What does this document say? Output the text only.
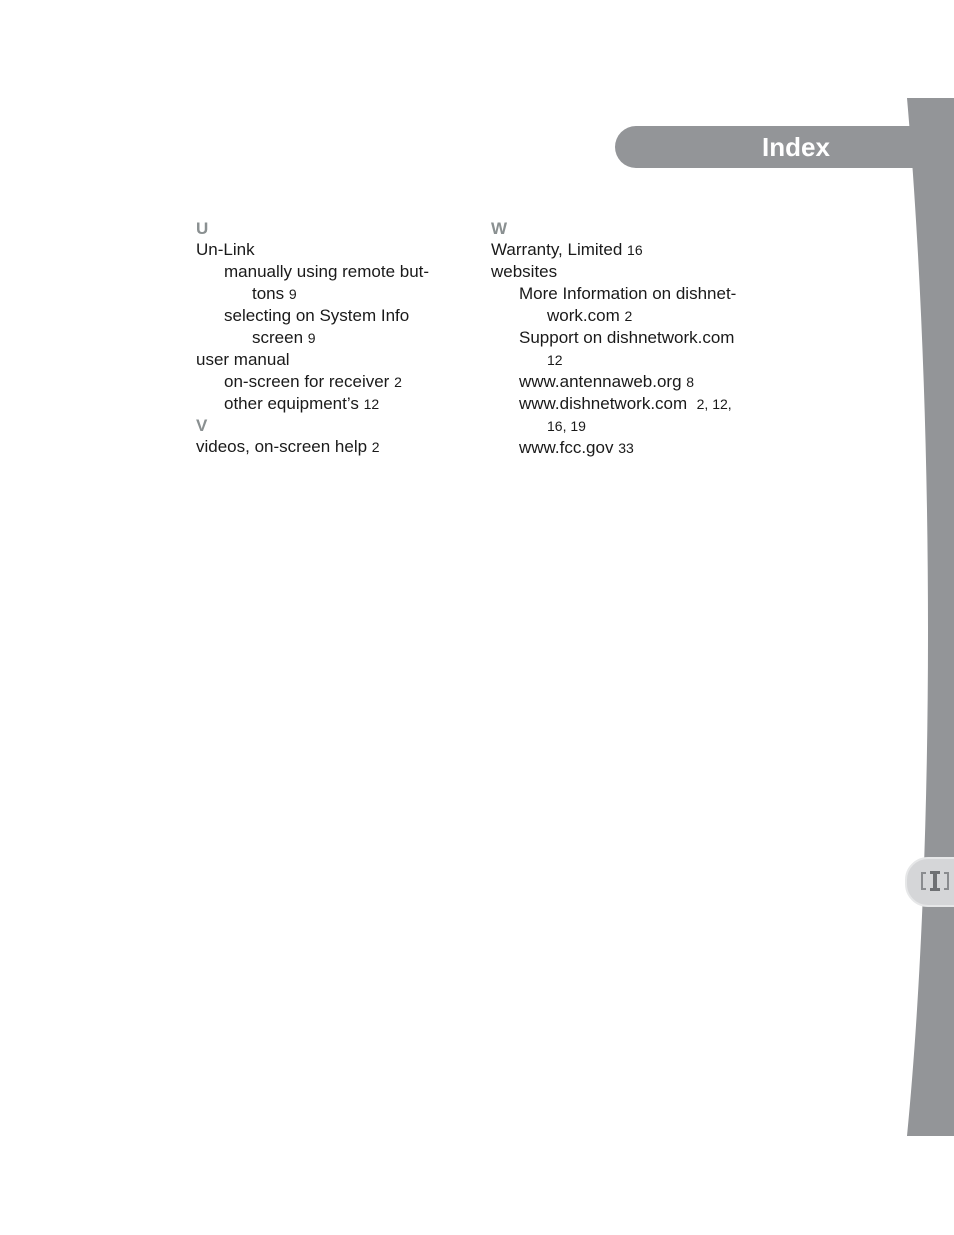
Index
U
Un-Link
manually using remote but-
tons 9
selecting on System Info
screen 9
user manual
on-screen for receiver 2
other equipment’s 12
V
videos, on-screen help 2
W
Warranty, Limited 16
websites
More Information on dishnet-
work.com 2
Support on dishnetwork.com
12
www.antennaweb.org 8
www.dishnetwork.com 2, 12,
16, 19
www.fcc.gov 33
